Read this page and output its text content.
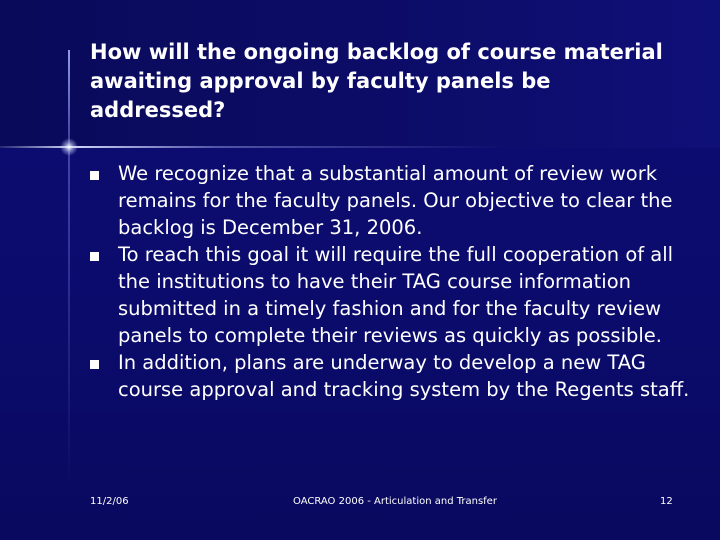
How will the ongoing backlog of course material awaiting approval by faculty panels be addressed?
We recognize that a substantial amount of review work remains for the faculty panels. Our objective to clear the backlog is December 31, 2006.
To reach this goal it will require the full cooperation of all the institutions to have their TAG course information submitted in a timely fashion and for the faculty review panels to complete their reviews as quickly as possible.
In addition, plans are underway to develop a new TAG course approval and tracking system by the Regents staff.
11/2/06	OACRAO 2006 - Articulation and Transfer	12
